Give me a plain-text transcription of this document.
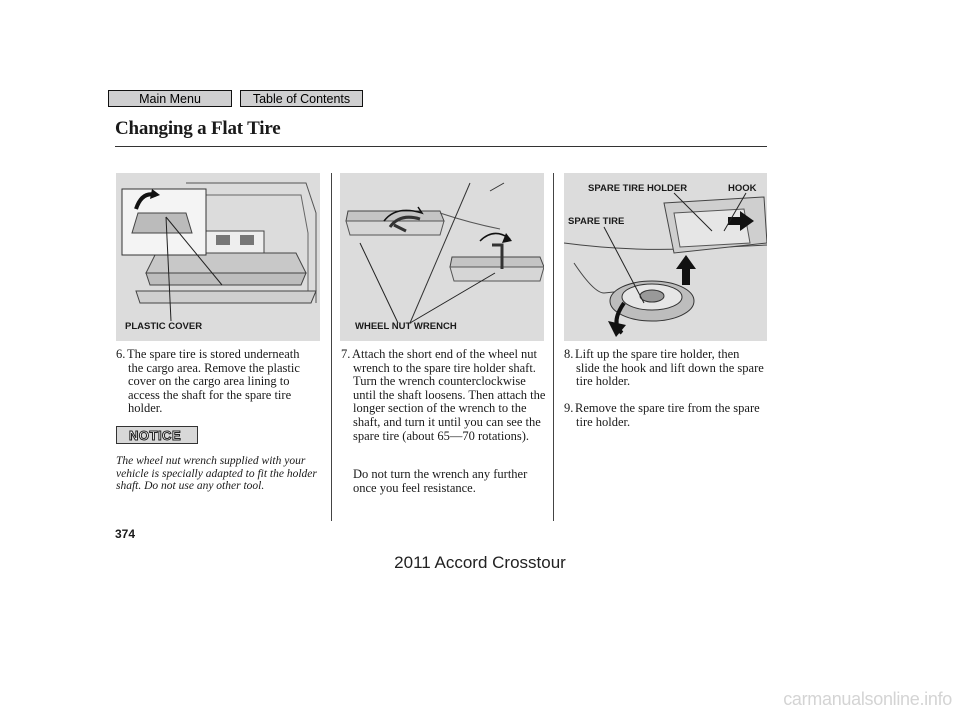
Main Menu	Table of Contents
Changing a Flat Tire
PLASTIC COVER	WHEEL NUT WRENCH
SPARE TIRE HOLDER	HOOK
SPARE TIRE
6. The spare tire is stored underneath the cargo area. Remove the plastic cover on the cargo area lining to access the shaft for the spare tire holder.
NOTICE

The wheel nut wrench supplied with your vehicle is specially adapted to fit the holder shaft. Do not use any other tool.

7. Attach the short end of the wheel nut wrench to the spare tire holder shaft. Turn the wrench counterclockwise until the shaft loosens. Then attach the longer section of the wrench to the shaft, and turn it until you can see the spare tire (about 65—70 rotations).

Do not turn the wrench any further once you feel resistance.

8. Lift up the spare tire holder, then slide the hook and lift down the spare tire holder.
9. Remove the spare tire from the spare tire holder.
374
2011 Accord Crosstour
carmanualsonline.info
